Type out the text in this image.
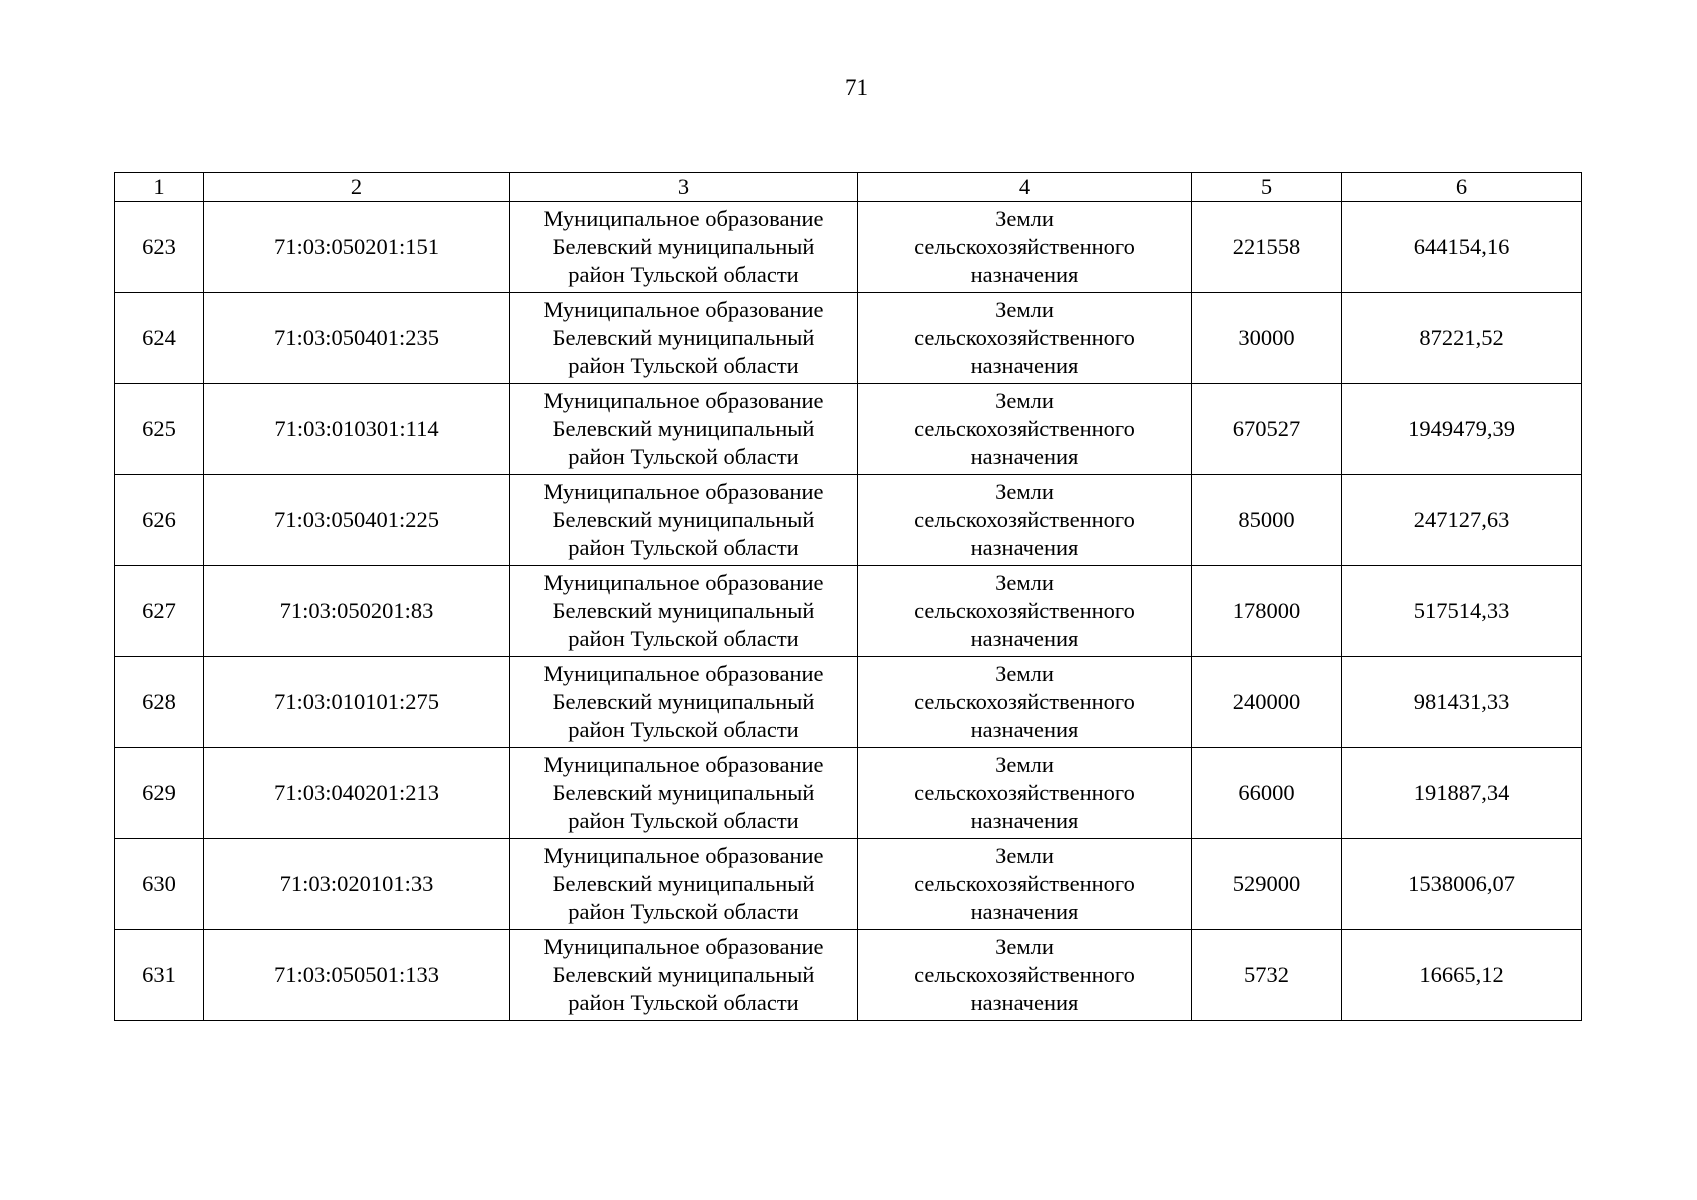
71
1	2	3	4	5	6
623	71:03:050201:151	Муниципальное образование
Белевский муниципальный
район Тульской области	Земли
сельскохозяйственного
назначения	221558	644154,16
624	71:03:050401:235	Муниципальное образование
Белевский муниципальный
район Тульской области	Земли
сельскохозяйственного
назначения	30000	87221,52
625	71:03:010301:114	Муниципальное образование
Белевский муниципальный
район Тульской области	Земли
сельскохозяйственного
назначения	670527	1949479,39
626	71:03:050401:225	Муниципальное образование
Белевский муниципальный
район Тульской области	Земли
сельскохозяйственного
назначения	85000	247127,63
627	71:03:050201:83	Муниципальное образование
Белевский муниципальный
район Тульской области	Земли
сельскохозяйственного
назначения	178000	517514,33
628	71:03:010101:275	Муниципальное образование
Белевский муниципальный
район Тульской области	Земли
сельскохозяйственного
назначения	240000	981431,33
629	71:03:040201:213	Муниципальное образование
Белевский муниципальный
район Тульской области	Земли
сельскохозяйственного
назначения	66000	191887,34
630	71:03:020101:33	Муниципальное образование
Белевский муниципальный
район Тульской области	Земли
сельскохозяйственного
назначения	529000	1538006,07
631	71:03:050501:133	Муниципальное образование
Белевский муниципальный
район Тульской области	Земли
сельскохозяйственного
назначения	5732	16665,12
